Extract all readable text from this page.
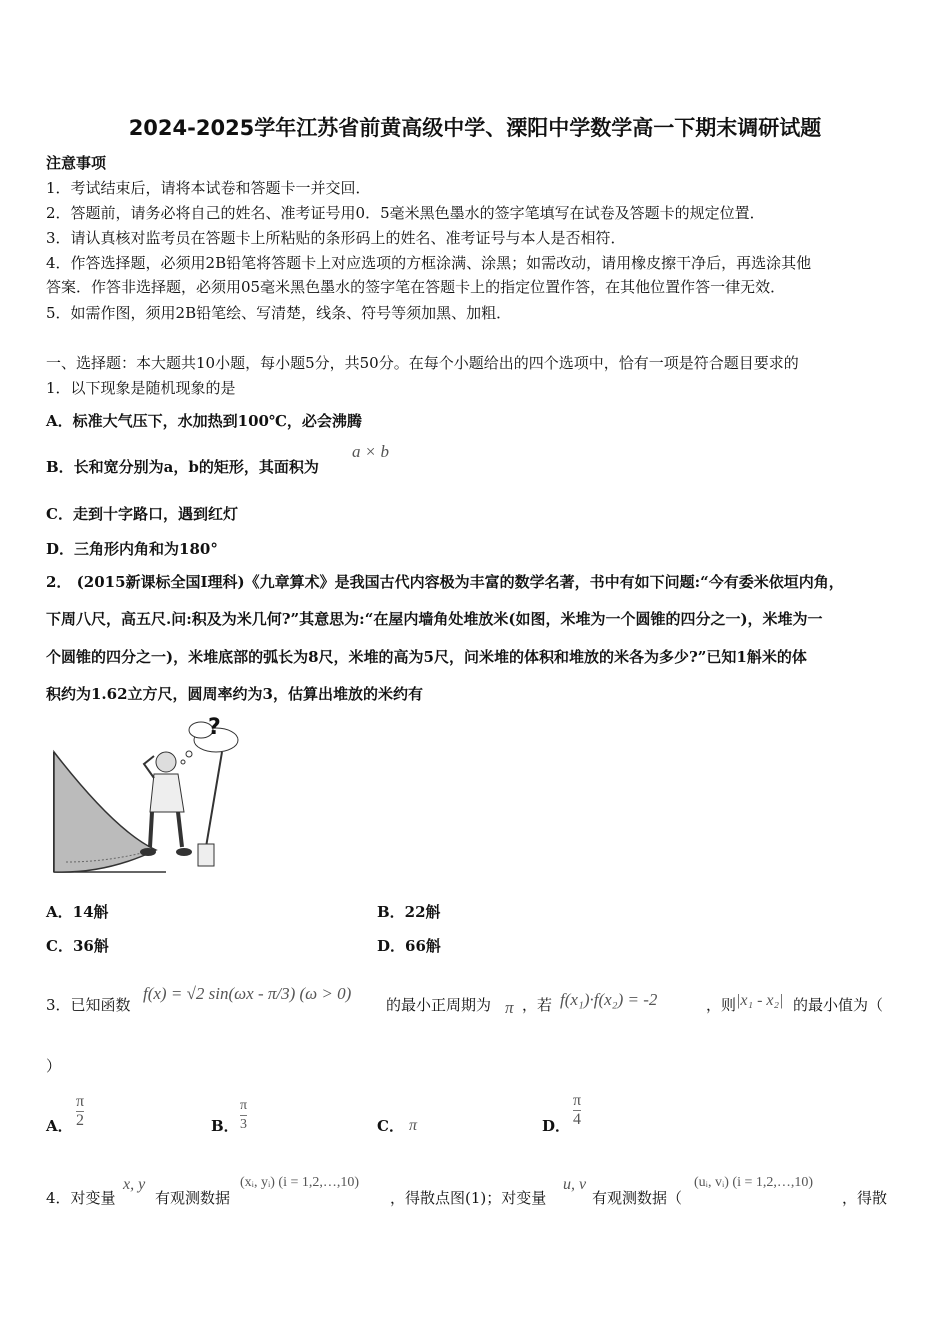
2024-2025学年江苏省前黄高级中学、溧阳中学数学高一下期末调研试题
注意事项
1．考试结束后，请将本试卷和答题卡一并交回．
2．答题前，请务必将自己的姓名、准考证号用0．5毫米黑色墨水的签字笔填写在试卷及答题卡的规定位置．
3．请认真核对监考员在答题卡上所粘贴的条形码上的姓名、准考证号与本人是否相符．
4．作答选择题，必须用2B铅笔将答题卡上对应选项的方框涂满、涂黑；如需改动，请用橡皮擦干净后，再选涂其他
答案．作答非选择题，必须用05毫米黑色墨水的签字笔在答题卡上的指定位置作答，在其他位置作答一律无效．
5．如需作图，须用2B铅笔绘、写清楚，线条、符号等须加黑、加粗．
一、选择题：本大题共10小题，每小题5分，共50分。在每个小题给出的四个选项中，恰有一项是符合题目要求的
1．以下现象是随机现象的是
A．标准大气压下，水加热到100℃，必会沸腾
B．长和宽分别为a，b的矩形，其面积为
a × b
C．走到十字路口，遇到红灯
D．三角形内角和为180°
2． (2015新课标全国I理科)《九章算术》是我国古代内容极为丰富的数学名著，书中有如下问题:“今有委米依垣内角，
下周八尺，高五尺.问:积及为米几何?”其意思为:“在屋内墙角处堆放米(如图，米堆为一个圆锥的四分之一)，米堆为一
个圆锥的四分之一)，米堆底部的弧长为8尺，米堆的高为5尺，问米堆的体积和堆放的米各为多少?”已知1斛米的体
积约为1.62立方尺，圆周率约为3，估算出堆放的米约有
?
A．14斛	B．22斛
C．36斛	D．66斛
3．已知函数
f(x) = √2 sin(ωx - π/3) (ω > 0)
的最小正周期为 π ，若 f(x₁)·f(x₂) = -2	，则 |x₁ - x₂| 的最小值为（
）
A． $\frac{\pi}{2}$	B． $\frac{\pi}{3}$	C． π	D． $\frac{\pi}{4}$
4．对变量
x, y
有观测数据
(xᵢ, yᵢ) (i = 1,2,…,10)
，得散点图(1)；对变量
u, v
有观测数据（
(uᵢ, vᵢ) (i = 1,2,…,10)
，得散
